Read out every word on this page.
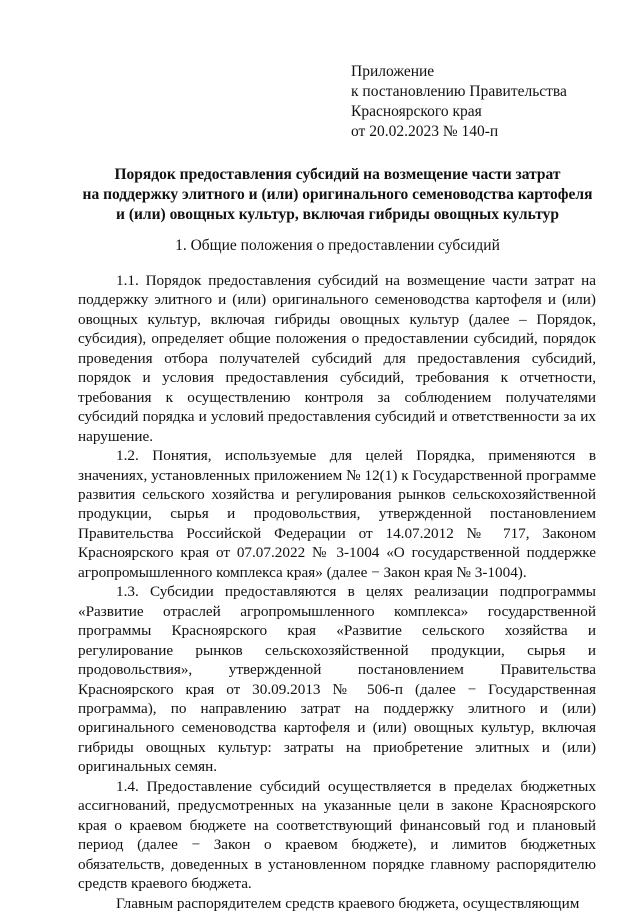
Приложение
к постановлению Правительства
Красноярского края
от 20.02.2023 № 140-п
Порядок предоставления субсидий на возмещение части затрат
на поддержку элитного и (или) оригинального семеноводства картофеля
и (или) овощных культур, включая гибриды овощных культур
1. Общие положения о предоставлении субсидий

1.1. Порядок предоставления субсидий на возмещение части затрат на поддержку элитного и (или) оригинального семеноводства картофеля и (или) овощных культур, включая гибриды овощных культур (далее – Порядок, субсидия), определяет общие положения о предоставлении субсидий, порядок проведения отбора получателей субсидий для предоставления субсидий, порядок и условия предоставления субсидий, требования к отчетности, требования к осуществлению контроля за соблюдением получателями субсидий порядка и условий предоставления субсидий и ответственности за их нарушение.

1.2. Понятия, используемые для целей Порядка, применяются в значениях, установленных приложением № 12(1) к Государственной программе развития сельского хозяйства и регулирования рынков сельскохозяйственной продукции, сырья и продовольствия, утвержденной постановлением Правительства Российской Федерации от 14.07.2012 № 717, Законом Красноярского края от 07.07.2022 № 3-1004 «О государственной поддержке агропромышленного комплекса края» (далее − Закон края № 3-1004).

1.3. Субсидии предоставляются в целях реализации подпрограммы «Развитие отраслей агропромышленного комплекса» государственной программы Красноярского края «Развитие сельского хозяйства и регулирование рынков сельскохозяйственной продукции, сырья и продовольствия», утвержденной постановлением Правительства Красноярского края от 30.09.2013 № 506-п (далее − Государственная программа), по направлению затрат на поддержку элитного и (или) оригинального семеноводства картофеля и (или) овощных культур, включая гибриды овощных культур: затраты на приобретение элитных и (или) оригинальных семян.

1.4. Предоставление субсидий осуществляется в пределах бюджетных ассигнований, предусмотренных на указанные цели в законе Красноярского края о краевом бюджете на соответствующий финансовый год и плановый период (далее − Закон о краевом бюджете), и лимитов бюджетных обязательств, доведенных в установленном порядке главному распорядителю средств краевого бюджета.

Главным распорядителем средств краевого бюджета, осуществляющим
